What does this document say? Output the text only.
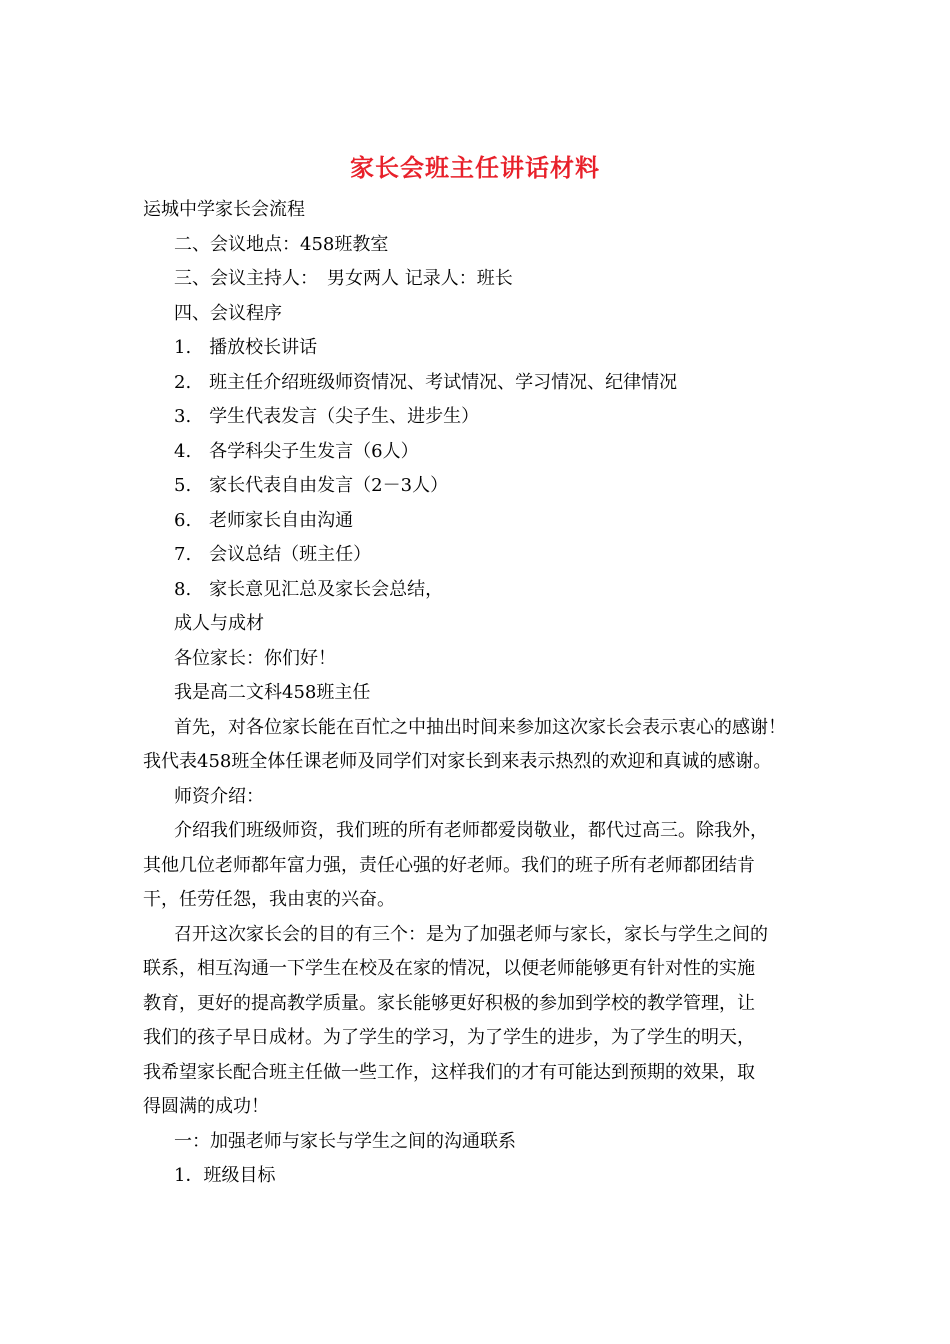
家长会班主任讲话材料
运城中学家长会流程
二、会议地点：458班教室
三、会议主持人：　男女两人 记录人：班长
四、会议程序
1.　播放校长讲话
2.　班主任介绍班级师资情况、考试情况、学习情况、纪律情况
3.　学生代表发言（尖子生、进步生）
4.　各学科尖子生发言（6人）
5.　家长代表自由发言（2－3人）
6.　老师家长自由沟通
7.　会议总结（班主任）
8.　家长意见汇总及家长会总结，
成人与成材
各位家长：你们好！
我是高二文科458班主任
首先，对各位家长能在百忙之中抽出时间来参加这次家长会表示衷心的感谢！
我代表458班全体任课老师及同学们对家长到来表示热烈的欢迎和真诚的感谢。
师资介绍：
介绍我们班级师资，我们班的所有老师都爱岗敬业，都代过高三。除我外，
其他几位老师都年富力强，责任心强的好老师。我们的班子所有老师都团结肯
干，任劳任怨，我由衷的兴奋。
召开这次家长会的目的有三个：是为了加强老师与家长，家长与学生之间的
联系，相互沟通一下学生在校及在家的情况，以便老师能够更有针对性的实施
教育，更好的提高教学质量。家长能够更好积极的参加到学校的教学管理，让
我们的孩子早日成材。为了学生的学习，为了学生的进步，为了学生的明天，
我希望家长配合班主任做一些工作，这样我们的才有可能达到预期的效果，取
得圆满的成功！
一：加强老师与家长与学生之间的沟通联系
1．班级目标
